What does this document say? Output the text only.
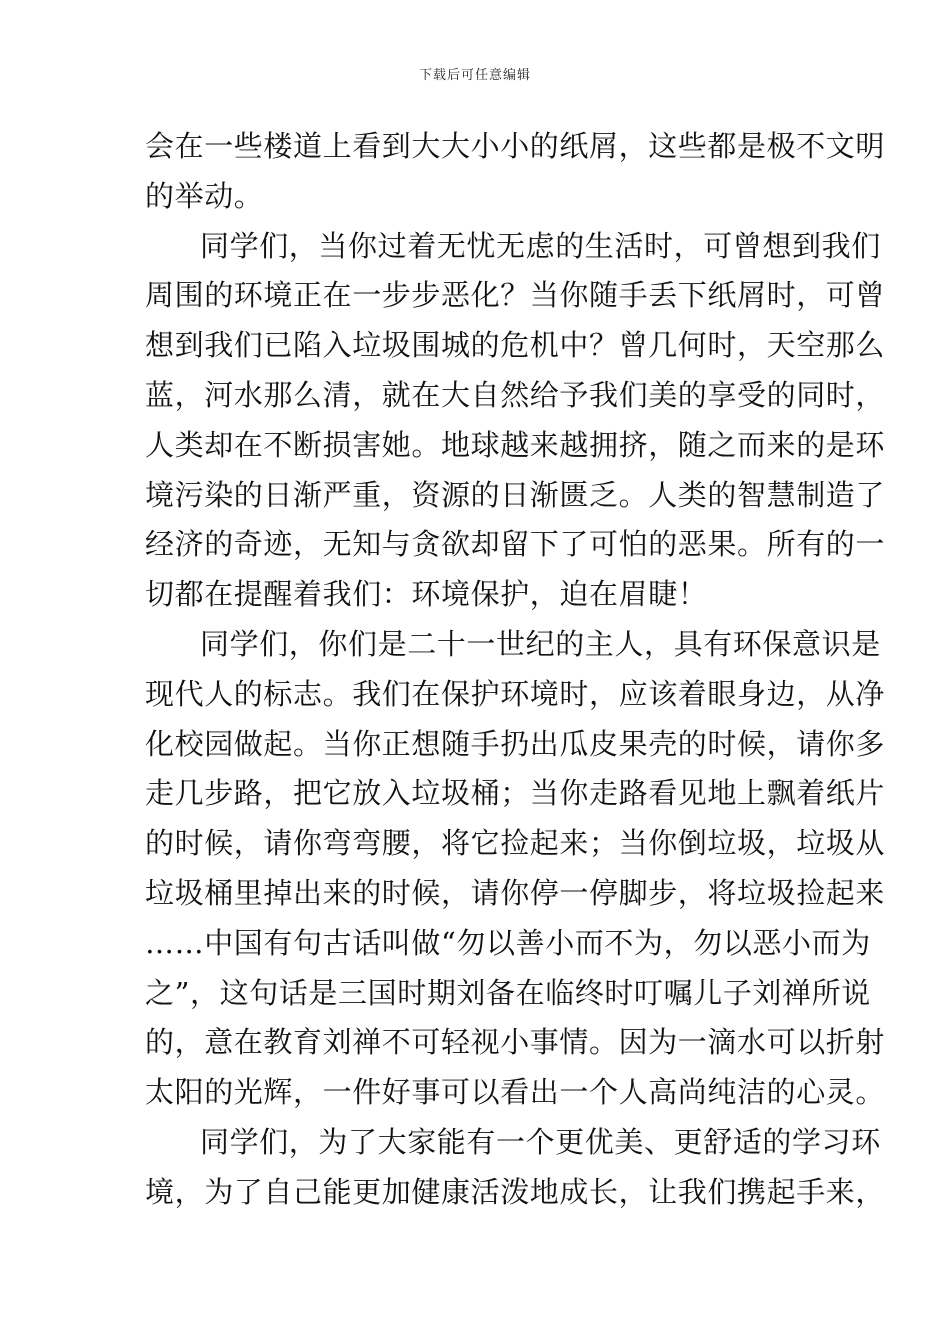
下载后可任意编辑

会在一些楼道上看到大大小小的纸屑，这些都是极不文明
的举动。

同学们，当你过着无忧无虑的生活时，可曾想到我们
周围的环境正在一步步恶化？当你随手丢下纸屑时，可曾
想到我们已陷入垃圾围城的危机中？曾几何时，天空那么
蓝，河水那么清，就在大自然给予我们美的享受的同时，
人类却在不断损害她。地球越来越拥挤，随之而来的是环
境污染的日渐严重，资源的日渐匮乏。人类的智慧制造了
经济的奇迹，无知与贪欲却留下了可怕的恶果。所有的一
切都在提醒着我们：环境保护，迫在眉睫！

同学们，你们是二十一世纪的主人，具有环保意识是
现代人的标志。我们在保护环境时，应该着眼身边，从净
化校园做起。当你正想随手扔出瓜皮果壳的时候，请你多
走几步路，把它放入垃圾桶；当你走路看见地上飘着纸片
的时候，请你弯弯腰，将它捡起来；当你倒垃圾，垃圾从
垃圾桶里掉出来的时候，请你停一停脚步，将垃圾捡起来
……中国有句古话叫做“勿以善小而不为，勿以恶小而为
之”，这句话是三国时期刘备在临终时叮嘱儿子刘禅所说
的，意在教育刘禅不可轻视小事情。因为一滴水可以折射
太阳的光辉，一件好事可以看出一个人高尚纯洁的心灵。

同学们，为了大家能有一个更优美、更舒适的学习环
境，为了自己能更加健康活泼地成长，让我们携起手来，
